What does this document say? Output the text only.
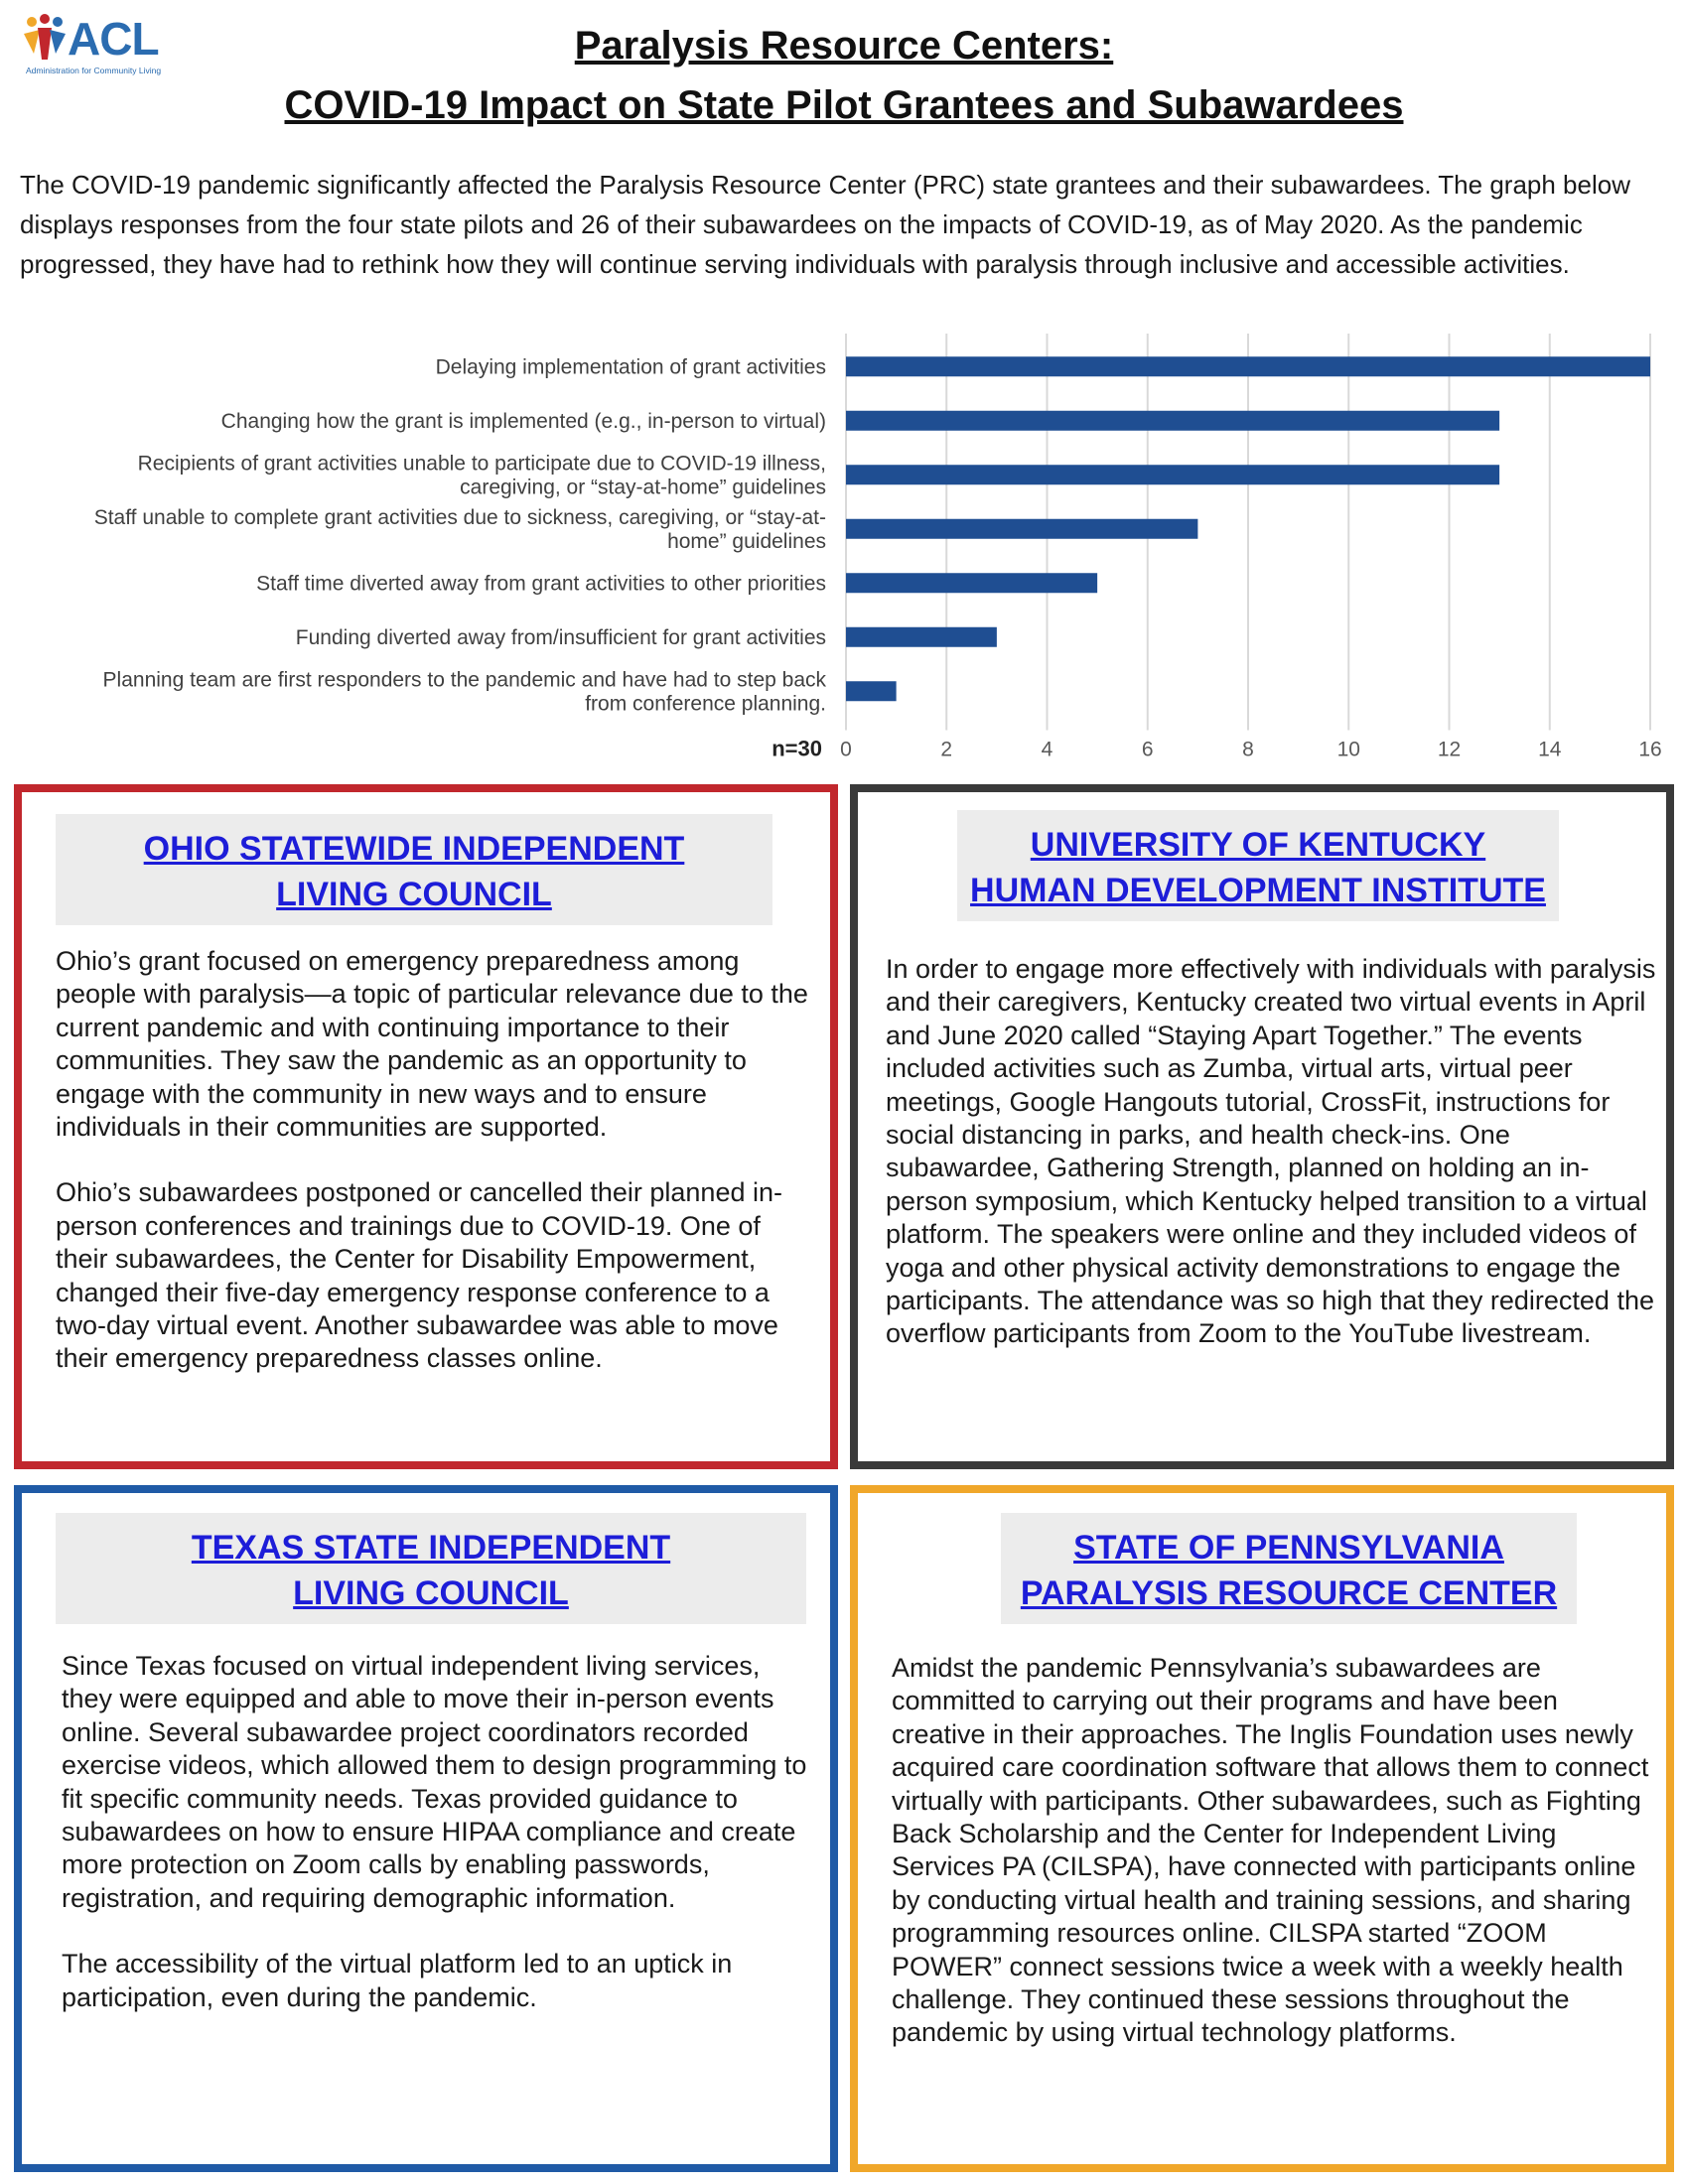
ACL
Administration for Community Living
Paralysis Resource Centers:
COVID-19 Impact on State Pilot Grantees and Subawardees
The COVID-19 pandemic significantly affected the Paralysis Resource Center (PRC) state grantees and their subawardees. The graph below displays responses from the four state pilots and 26 of their subawardees on the impacts of COVID-19, as of May 2020. As the pandemic progressed, they have had to rethink how they will continue serving individuals with paralysis through inclusive and accessible activities.
Delaying implementation of grant activities
Changing how the grant is implemented (e.g., in-person to virtual)
Recipients of grant activities unable to participate due to COVID-19 illness, caregiving, or “stay-at-home” guidelines
Staff unable to complete grant activities due to sickness, caregiving, or “stay-at-home” guidelines
Staff time diverted away from grant activities to other priorities
Funding diverted away from/insufficient for grant activities
Planning team are first responders to the pandemic and have had to step back from conference planning.
0	2	4	6	8	10	12	14	16
n=30
OHIO STATEWIDE INDEPENDENT
LIVING COUNCIL

Ohio’s grant focused on emergency preparedness among people with paralysis—a topic of particular relevance due to the current pandemic and with continuing importance to their communities. They saw the pandemic as an opportunity to engage with the community in new ways and to ensure individuals in their communities are supported.

Ohio’s subawardees postponed or cancelled their planned in-person conferences and trainings due to COVID-19. One of their subawardees, the Center for Disability Empowerment, changed their five-day emergency response conference to a two-day virtual event. Another subawardee was able to move their emergency preparedness classes online.

UNIVERSITY OF KENTUCKY
HUMAN DEVELOPMENT INSTITUTE

In order to engage more effectively with individuals with paralysis and their caregivers, Kentucky created two virtual events in April and June 2020 called “Staying Apart Together.” The events included activities such as Zumba, virtual arts, virtual peer meetings, Google Hangouts tutorial, CrossFit, instructions for social distancing in parks, and health check-ins. One subawardee, Gathering Strength, planned on holding an in-person symposium, which Kentucky helped transition to a virtual platform. The speakers were online and they included videos of yoga and other physical activity demonstrations to engage the participants. The attendance was so high that they redirected the overflow participants from Zoom to the YouTube livestream.

TEXAS STATE INDEPENDENT
LIVING COUNCIL

Since Texas focused on virtual independent living services, they were equipped and able to move their in-person events online. Several subawardee project coordinators recorded exercise videos, which allowed them to design programming to fit specific community needs. Texas provided guidance to subawardees on how to ensure HIPAA compliance and create more protection on Zoom calls by enabling passwords, registration, and requiring demographic information.

The accessibility of the virtual platform led to an uptick in participation, even during the pandemic.

STATE OF PENNSYLVANIA
PARALYSIS RESOURCE CENTER

Amidst the pandemic Pennsylvania’s subawardees are committed to carrying out their programs and have been creative in their approaches. The Inglis Foundation uses newly acquired care coordination software that allows them to connect virtually with participants. Other subawardees, such as Fighting Back Scholarship and the Center for Independent Living Services PA (CILSPA), have connected with participants online by conducting virtual health and training sessions, and sharing programming resources online. CILSPA started “ZOOM POWER” connect sessions twice a week with a weekly health challenge. They continued these sessions throughout the pandemic by using virtual technology platforms.
